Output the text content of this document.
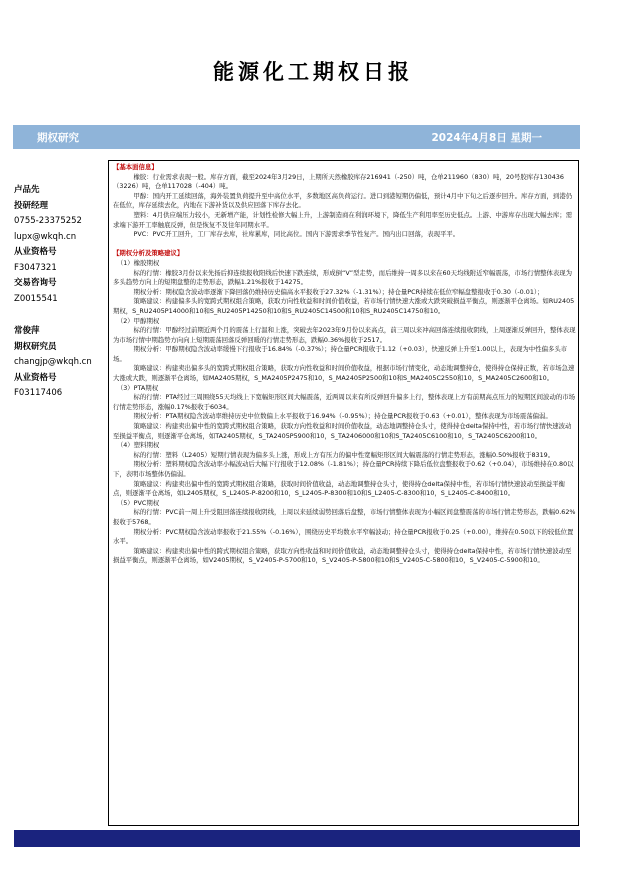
能源化工期权日报
期权研究	2024年4月8日 星期一
卢品先
投研经理
0755-23375252
lupx@wkqh.cn
从业资格号
F3047321
交易咨询号
Z0015541
常俊萍
期权研究员
changjp@wkqh.cn
从业资格号
F03117406

【基本面信息】

橡胶：行业需求表现一般。库存方面，截至2024年3月29日，上期所天然橡胶库存216941（-250）吨，仓单211960（830）吨，20号胶库存130436（3226）吨，仓单117028（-404）吨。

甲醇：国内开工延续回落，海外装置负荷提升至中高位水平，多数地区高负荷运行。进口到港短期仍偏低，预计4月中下旬之后逐步回升。库存方面，到港仍在低位，库存延续去化，内地在下游补货以及供应回落下库存去化。

塑料：4月供应端压力较小，无新增产能，计划性检修大幅上升，上游制造商在利润环境下，降低生产利用率至历史低点。上游、中游库存出现大幅去库；需求端下游开工率触底反弹，但是恢复不及往年同期水平。

PVC：PVC开工回升，工厂库存去库，社库累库，同比高位。国内下游需求季节性复产。国内出口回落，表现平平。

【期权分析及策略建议】

（1）橡胶期权

标的行情：橡胶3月份以来先扬后抑连续报收阳线后快速下跌连续，形成倒“V”型走势，而后维持一周多以来在60天均线附近窄幅震荡，市场行情整体表现为多头趋势方向上的短期盘整的走势形态，跌幅1.21%报收于14275。

期权分析：期权隐含波动率逐渐下降回落仍维持历史偏高水平报收于27.32%（-1.31%）；持仓量PCR持续在低位窄幅盘整报收于0.30（-0.01）；

策略建议：构建偏多头的宽跨式期权组合策略，获取方向性收益和时间价值收益，若市场行情快速大涨或大跌突破损益平衡点，则逐渐平仓离场。如RU2405期权，S_RU2405P14000和10和S_RU2405P14250和10和S_RU2405C14500和10和S_RU2405C14750和10。

（2）甲醇期权

标的行情：甲醇经过前期近两个月的震荡上行温和上涨，突破去年2023年9月份以来高点，前三周以来冲高回落连续报收阴线，上周逐渐反弹回升，整体表现为市场行情中期趋势方向向上短期震荡回落反弹回暖的行情走势形态，跌幅0.36%报收于2517。

期权分析：甲醇期权隐含波动率缓慢下行报收于16.84%（-0.37%）；持仓量PCR报收于1.12（+0.03），快速反弹上升至1.00以上，表现为中性偏多头市场。

策略建议：构建卖出偏多头的宽跨式期权组合策略，获取方向性收益和时间价值收益，根据市场行情变化，动态地调整持仓，使得持仓保持正数，若市场急速大涨或大跌，则逐渐平仓离场，如MA2405期权，S_MA2405P2475和10，S_MA2405P2500和10和S_MA2405C2550和10，S_MA2405C2600和10。

（3）PTA期权

标的行情：PTA经过三周围绕55天均线上下宽幅矩形区间大幅震荡，近两周以来有所反弹回升偏多上行，整体表现上方有前期高点压力的短期区间波动的市场行情走势形态，涨幅0.17%报收于6034。

期权分析：PTA期权隐含波动率维持历史中位数偏上水平报收于16.94%（-0.95%）；持仓量PCR报收于0.63（+0.01），整体表现为市场震荡偏弱。

策略建议：构建卖出偏中性的宽跨式期权组合策略，获取方向性收益和时间价值收益，动态地调整持仓头寸，使得持仓delta保持中性，若市场行情快速波动至损益平衡点，则逐渐平仓离场，如TA2405期权，S_TA2405P5900和10，S_TA2406000和10和S_TA2405C6100和10，S_TA2405C6200和10。

（4）塑料期权

标的行情：塑料（L2405）短期行情表现为偏多头上涨，形成上方有压力的偏中性宽幅矩形区间大幅震荡的行情走势形态，涨幅0.50%报收于8319。

期权分析：塑料期权隐含波动率小幅波动后大幅下行报收于12.08%（-1.81%）；持仓量PCR持续下降后低位盘整报收于0.62（+0.04），市场维持在0.80以下，表明市场整体仍偏弱。

策略建议：构建卖出偏中性的宽跨式期权组合策略，获取时间价值收益，动态地调整持仓头寸，使得持仓delta保持中性，若市场行情快速波动至损益平衡点，则逐渐平仓离场，如L2405期权，S_L2405-P-8200和10，S_L2405-P-8300和10和S_L2405-C-8300和10，S_L2405-C-8400和10。

（5）PVC期权

标的行情：PVC前一周上升受阻回落连续报收阴线，上周以来延续弱势回落后盘整，市场行情整体表现为小幅区间盘整震荡的市场行情走势形态，跌幅0.62%报收于5768。

期权分析：PVC期权隐含波动率报收于21.55%（-0.16%），围绕历史平均数水平窄幅波动；持仓量PCR报收于0.25（+0.00），维持在0.50以下的较低位置水平。

策略建议：构建卖出偏中性的跨式期权组合策略，获取方向性收益和时间价值收益，动态地调整持仓头寸，使得持仓delta保持中性，若市场行情快速波动至损益平衡点，则逐渐平仓离场，如V2405期权，S_V2405-P-5700和10，S_V2405-P-5800和10和S_V2405-C-5800和10，S_V2405-C-5900和10。
